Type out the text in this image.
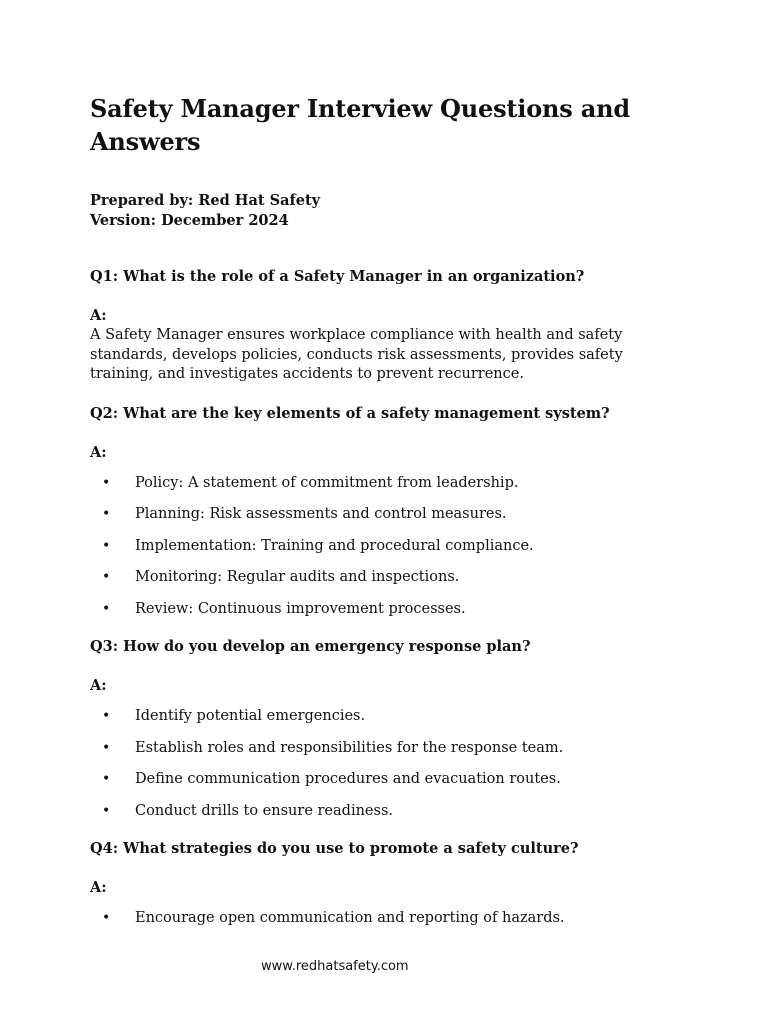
Safety Manager Interview Questions and Answers

Prepared by: Red Hat Safety

Version: December 2024

Q1: What is the role of a Safety Manager in an organization?

A:

A Safety Manager ensures workplace compliance with health and safety standards, develops policies, conducts risk assessments, provides safety training, and investigates accidents to prevent recurrence.

Q2: What are the key elements of a safety management system?

A:

• Policy: A statement of commitment from leadership.
• Planning: Risk assessments and control measures.
• Implementation: Training and procedural compliance.
• Monitoring: Regular audits and inspections.
• Review: Continuous improvement processes.

Q3: How do you develop an emergency response plan?

A:

• Identify potential emergencies.
• Establish roles and responsibilities for the response team.
• Define communication procedures and evacuation routes.
• Conduct drills to ensure readiness.

Q4: What strategies do you use to promote a safety culture?

A:

• Encourage open communication and reporting of hazards.
www.redhatsafety.com
